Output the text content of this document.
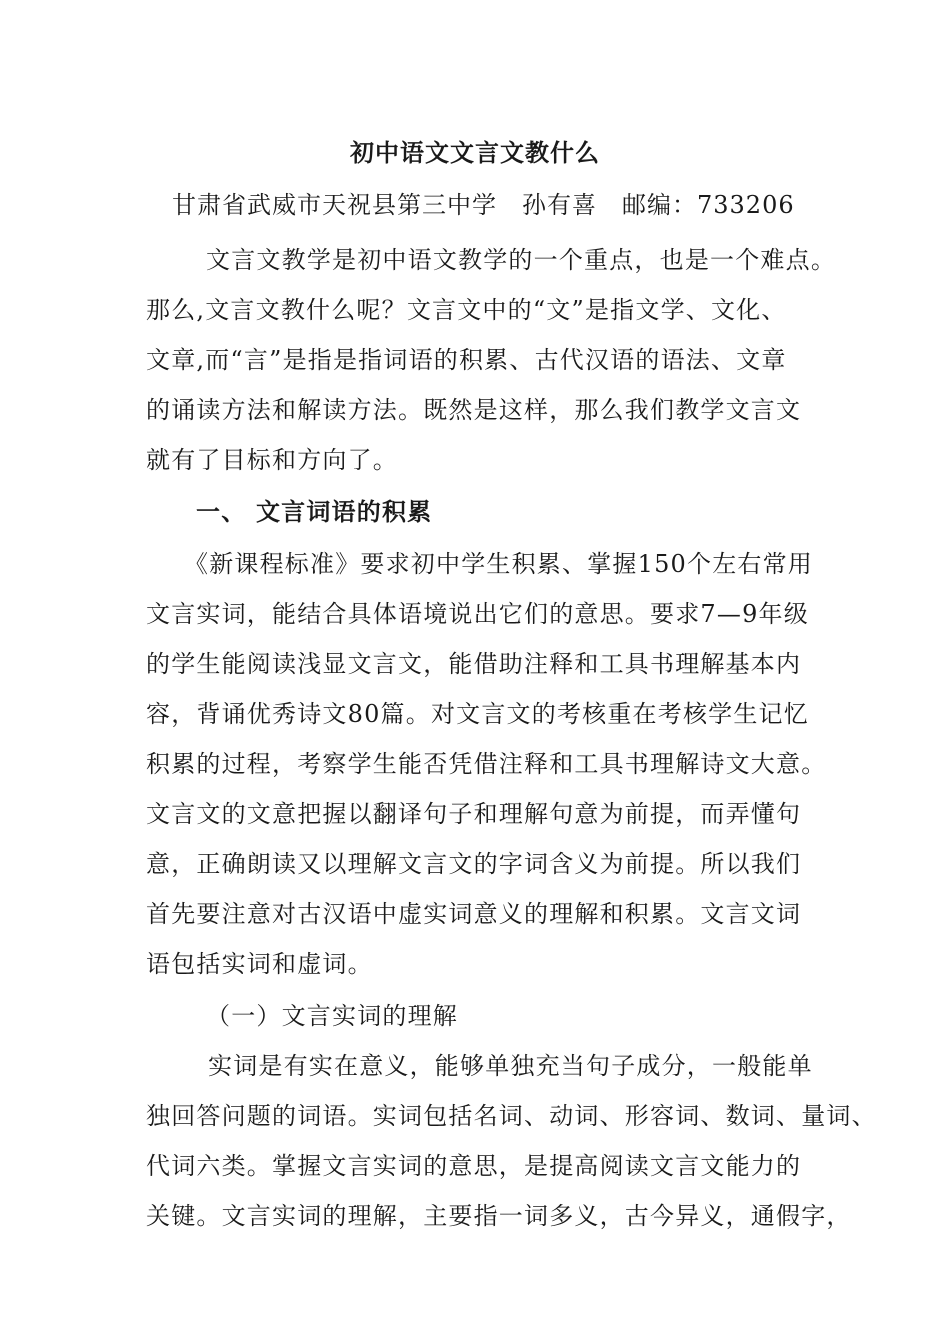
初中语文文言文教什么
甘肃省武威市天祝县第三中学　孙有喜　邮编：733206
　 文言文教学是初中语文教学的一个重点，也是一个难点。
那么,文言文教什么呢？文言文中的“文”是指文学、文化、
文章,而“言”是指是指词语的积累、古代汉语的语法、文章
的诵读方法和解读方法。既然是这样，那么我们教学文言文
就有了目标和方向了。
一、 文言词语的积累
《新课程标准》要求初中学生积累、掌握150个左右常用
文言实词，能结合具体语境说出它们的意思。要求7—9年级
的学生能阅读浅显文言文，能借助注释和工具书理解基本内
容，背诵优秀诗文80篇。对文言文的考核重在考核学生记忆
积累的过程，考察学生能否凭借注释和工具书理解诗文大意。
文言文的文意把握以翻译句子和理解句意为前提，而弄懂句
意，正确朗读又以理解文言文的字词含义为前提。所以我们
首先要注意对古汉语中虚实词意义的理解和积累。文言文词
语包括实词和虚词。
（一）文言实词的理解
实词是有实在意义，能够单独充当句子成分，一般能单
独回答问题的词语。实词包括名词、动词、形容词、数词、量词、
代词六类。掌握文言实词的意思，是提高阅读文言文能力的
关键。文言实词的理解，主要指一词多义，古今异义，通假字，
